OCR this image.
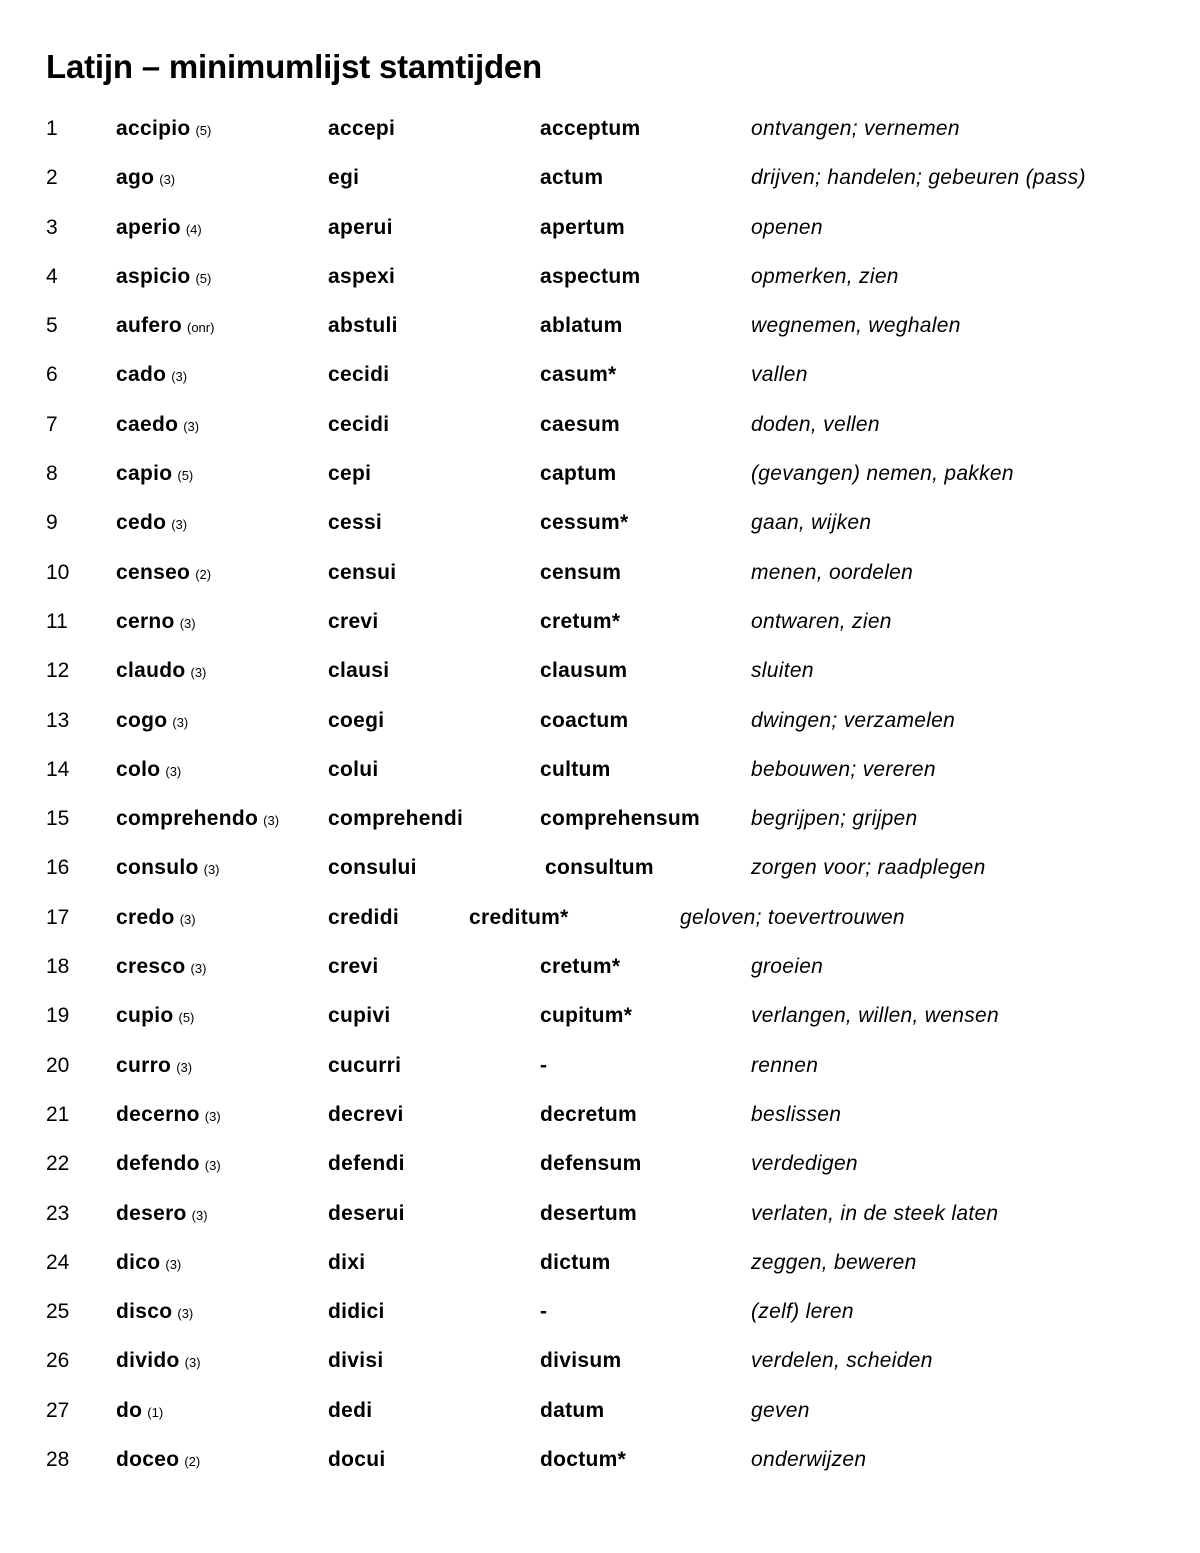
Latijn – minimumlijst stamtijden
1	accipio (5)	accepi	acceptum	ontvangen; vernemen
2	ago (3)	egi	actum	drijven; handelen; gebeuren (pass)
3	aperio (4)	aperui	apertum	openen
4	aspicio (5)	aspexi	aspectum	opmerken, zien
5	aufero (onr)	abstuli	ablatum	wegnemen, weghalen
6	cado (3)	cecidi	casum*	vallen
7	caedo (3)	cecidi	caesum	doden, vellen
8	capio (5)	cepi	captum	(gevangen) nemen, pakken
9	cedo (3)	cessi	cessum*	gaan, wijken
10 censeo (2)	censui	censum	menen, oordelen
11 cerno (3)	crevi	cretum*	ontwaren, zien
12 claudo (3)	clausi	clausum	sluiten
13 cogo (3)	coegi	coactum	dwingen; verzamelen
14 colo (3)	colui	cultum	bebouwen; vereren
15 comprehendo (3) comprehendi	comprehensum begrijpen; grijpen
16 consulo (3)	consului	consultum	zorgen voor; raadplegen
17 credo (3)	credidi	creditum*	geloven; toevertrouwen
18 cresco (3)	crevi	cretum*	groeien
19 cupio (5)	cupivi	cupitum*	verlangen, willen, wensen
20 curro (3)	cucurri	-	rennen
21 decerno (3)	decrevi	decretum	beslissen
22 defendo (3)	defendi	defensum	verdedigen
23 desero (3)	deserui	desertum	verlaten, in de steek laten
24 dico (3)	dixi	dictum	zeggen, beweren
25 disco (3)	didici	-	(zelf) leren
26 divido (3)	divisi	divisum	verdelen, scheiden
27 do (1)	dedi	datum	geven
28 doceo (2)	docui	doctum*	onderwijzen
